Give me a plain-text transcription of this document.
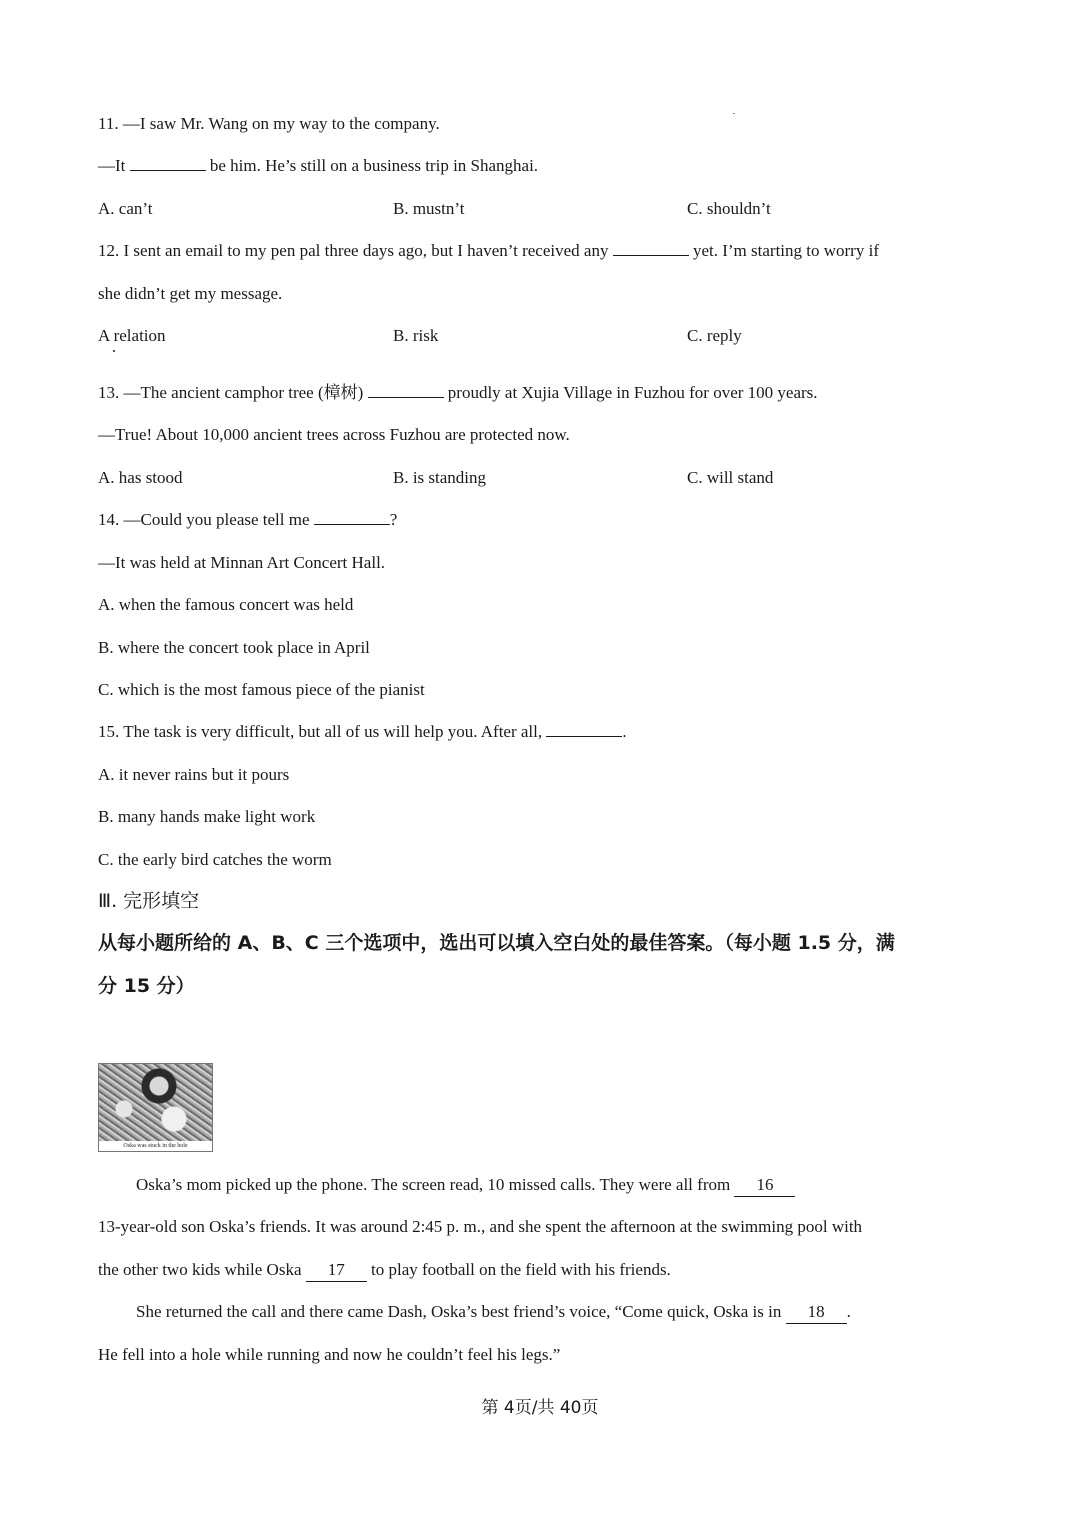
11. —I saw Mr. Wang on my way to the company.
—It	be him. He’s still on a business trip in Shanghai.
A. can’t	B. mustn’t	C. shouldn’t
12. I sent an email to my pen pal three days ago, but I haven’t received any	yet. I’m starting to worry if
she didn’t get my message.
A relation	B. risk	C. reply
13. —The ancient camphor tree (樟树)	proudly at Xujia Village in Fuzhou for over 100 years.
—True! About 10,000 ancient trees across Fuzhou are protected now.
A. has stood	B. is standing	C. will stand
14. —Could you please tell me	?
—It was held at Minnan Art Concert Hall.
A. when the famous concert was held
B. where the concert took place in April
C. which is the most famous piece of the pianist
15. The task is very difficult, but all of us will help you. After all,	.
A. it never rains but it pours
B. many hands make light work
C. the early bird catches the worm
Ⅲ. 完形填空
从每小题所给的 A、B、C 三个选项中，选出可以填入空白处的最佳答案。（每小题 1.5 分，满
分 15 分）
Oska was stuck in the hole
Oska’s mom picked up the phone. The screen read, 10 missed calls. They were all from 16
13-year-old son Oska’s friends. It was around 2:45 p. m., and she spent the afternoon at the swimming pool with
the other two kids while Oska 17 to play football on the field with his friends.
She returned the call and there came Dash, Oska’s best friend’s voice, “Come quick, Oska is in 18 .
He fell into a hole while running and now he couldn’t feel his legs.”
第 4页/共 40页
